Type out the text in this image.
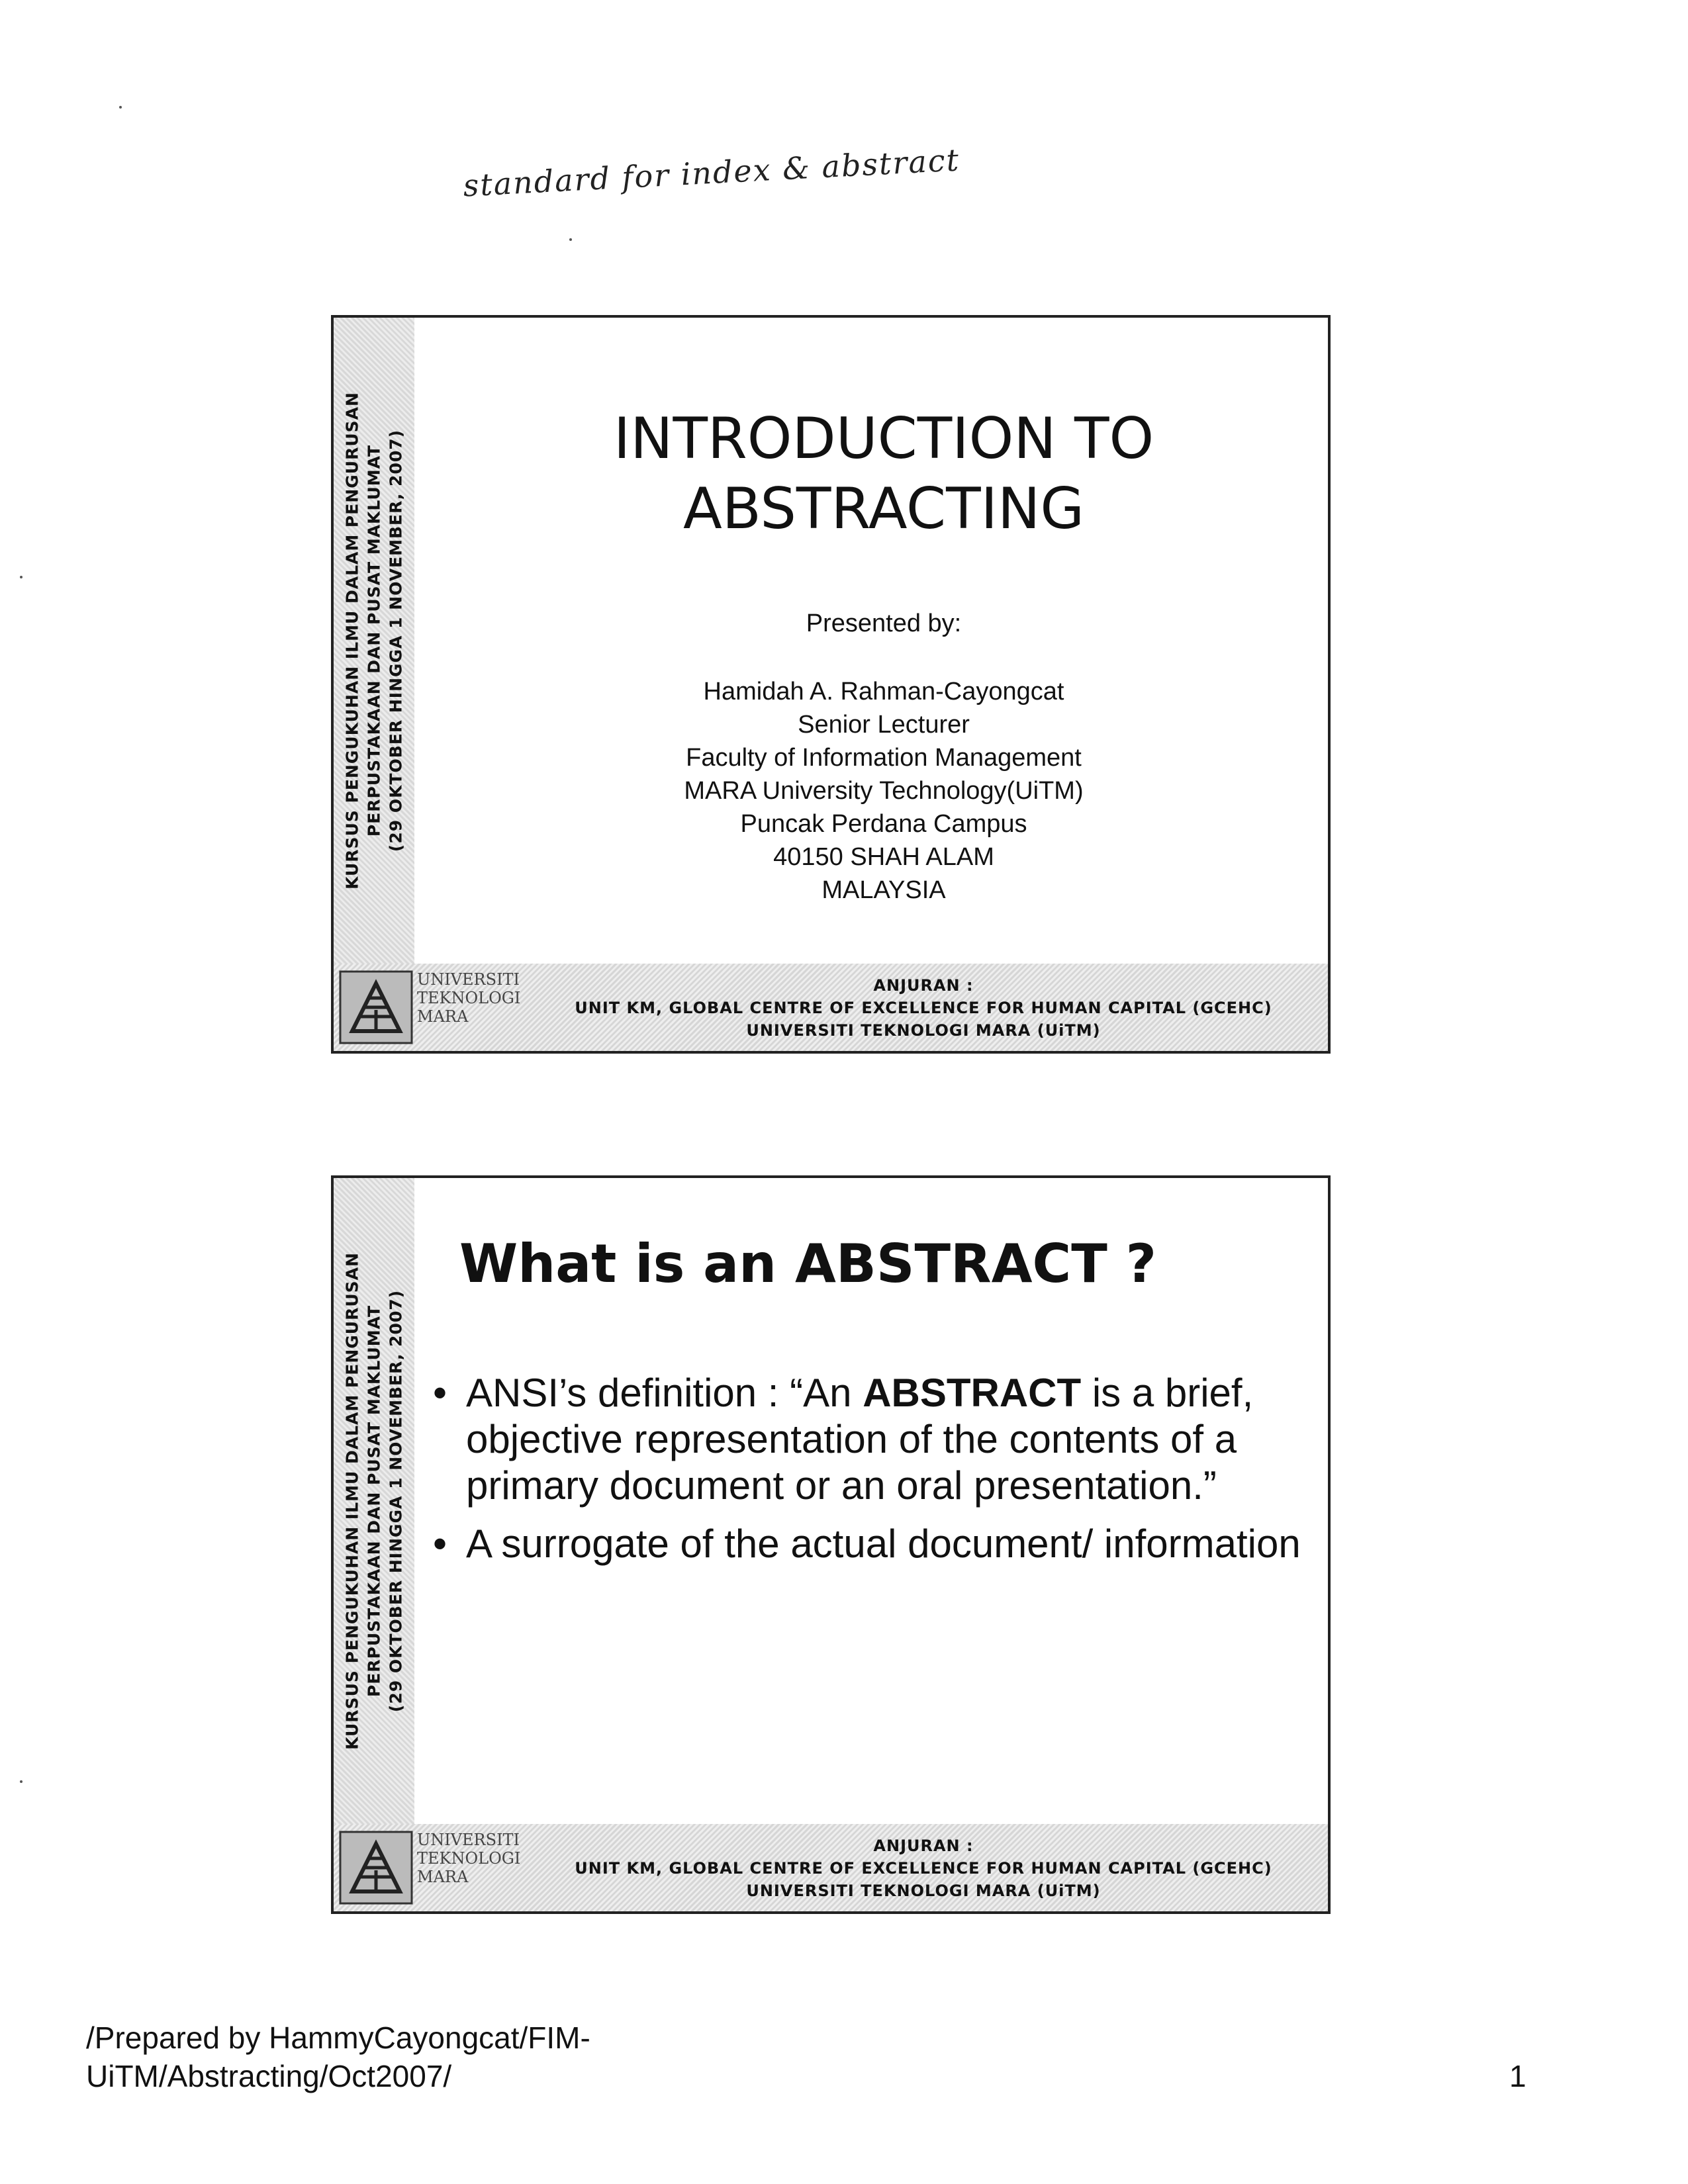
standard for index & abstract
KURSUS PENGUKUHAN ILMU DALAM PENGURUSAN PERPUSTAKAAN DAN PUSAT MAKLUMAT (29 OKTOBER HINGGA 1 NOVEMBER, 2007)	INTRODUCTION TO
ABSTRACTING
Presented by:
Hamidah A. Rahman-Cayongcat
Senior Lecturer
Faculty of Information Management
MARA University Technology(UiTM)
Puncak Perdana Campus
40150 SHAH ALAM
MALAYSIA
UNIVERSITI
TEKNOLOGI
MARA
ANJURAN :
UNIT KM, GLOBAL CENTRE OF EXCELLENCE FOR HUMAN CAPITAL (GCEHC)
UNIVERSITI TEKNOLOGI MARA (UiTM)
KURSUS PENGUKUHAN ILMU DALAM PENGURUSAN PERPUSTAKAAN DAN PUSAT MAKLUMAT (29 OKTOBER HINGGA 1 NOVEMBER, 2007)
What is an ABSTRACT ?
• ANSI’s definition : “An ABSTRACT is a brief, objective representation of the contents of a primary document or an oral presentation.”
• A surrogate of the actual document/ information
UNIVERSITI
TEKNOLOGI
MARA
ANJURAN :
UNIT KM, GLOBAL CENTRE OF EXCELLENCE FOR HUMAN CAPITAL (GCEHC)
UNIVERSITI TEKNOLOGI MARA (UiTM)
/Prepared by HammyCayongcat/FIM-
UiTM/Abstracting/Oct2007/	1
